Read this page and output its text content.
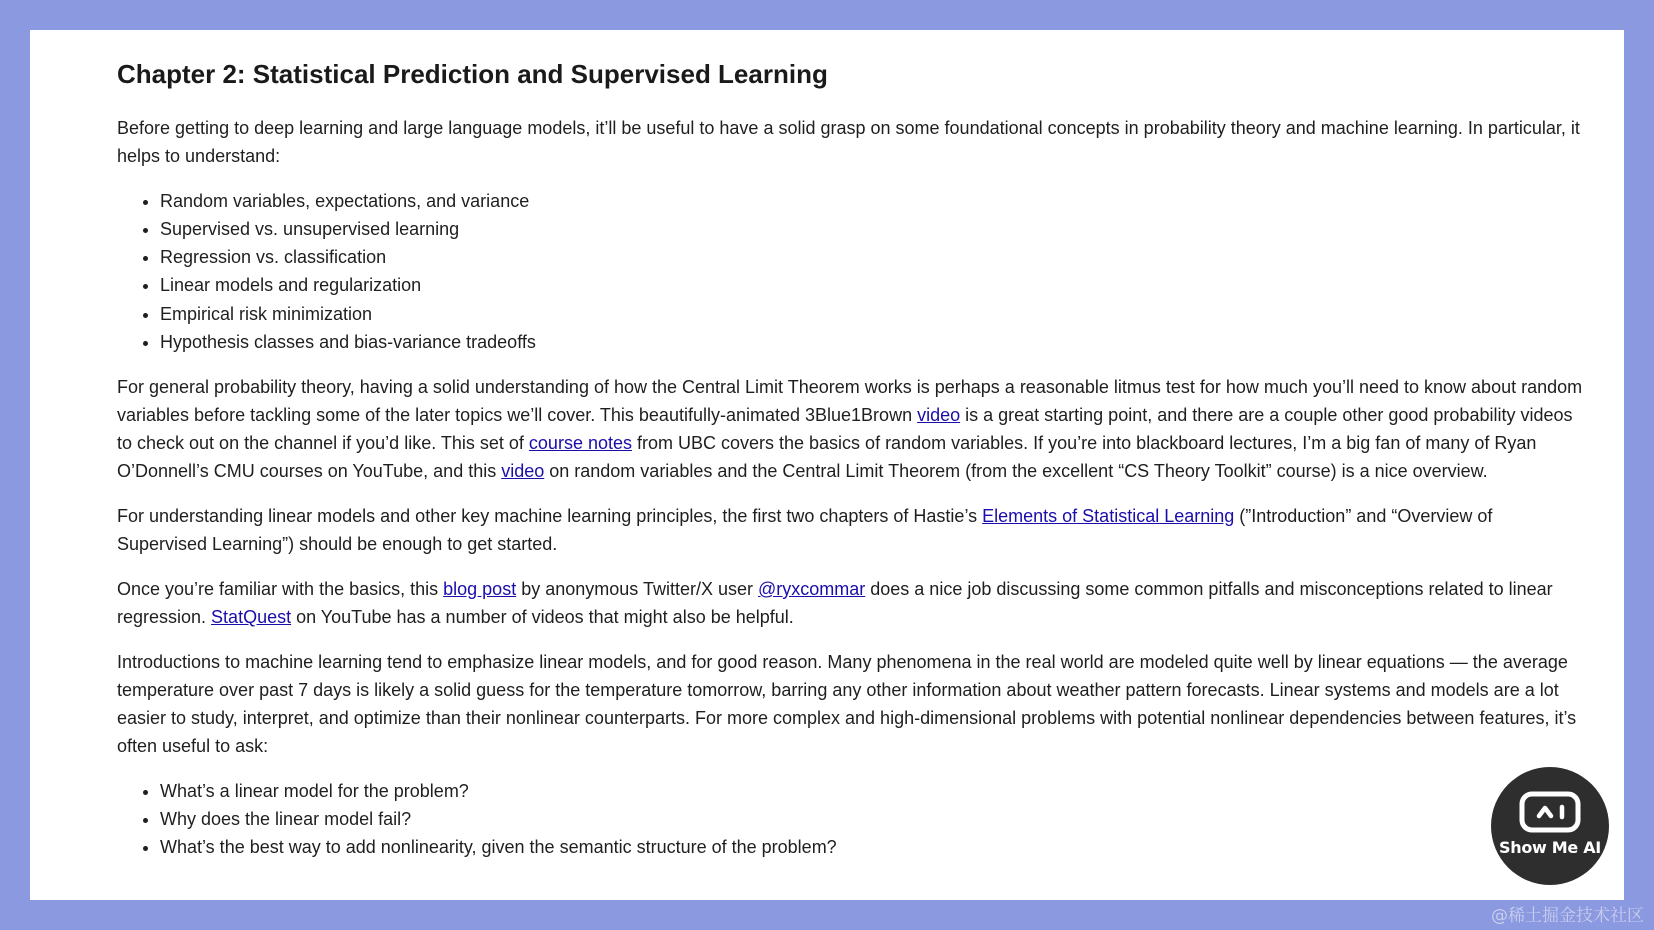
Chapter 2: Statistical Prediction and Supervised Learning

Before getting to deep learning and large language models, it’ll be useful to have a solid grasp on some foundational concepts in probability theory and machine learning. In particular, it helps to understand:

• Random variables, expectations, and variance
• Supervised vs. unsupervised learning
• Regression vs. classification
• Linear models and regularization
• Empirical risk minimization
• Hypothesis classes and bias-variance tradeoffs

For general probability theory, having a solid understanding of how the Central Limit Theorem works is perhaps a reasonable litmus test for how much you’ll need to know about random variables before tackling some of the later topics we’ll cover. This beautifully-animated 3Blue1Brown video is a great starting point, and there are a couple other good probability videos to check out on the channel if you’d like. This set of course notes from UBC covers the basics of random variables. If you’re into blackboard lectures, I’m a big fan of many of Ryan O’Donnell’s CMU courses on YouTube, and this video on random variables and the Central Limit Theorem (from the excellent “CS Theory Toolkit” course) is a nice overview.

For understanding linear models and other key machine learning principles, the first two chapters of Hastie’s Elements of Statistical Learning (”Introduction” and “Overview of Supervised Learning”) should be enough to get started.

Once you’re familiar with the basics, this blog post by anonymous Twitter/X user @ryxcommar does a nice job discussing some common pitfalls and misconceptions related to linear regression. StatQuest on YouTube has a number of videos that might also be helpful.

Introductions to machine learning tend to emphasize linear models, and for good reason. Many phenomena in the real world are modeled quite well by linear equations — the average temperature over past 7 days is likely a solid guess for the temperature tomorrow, barring any other information about weather pattern forecasts. Linear systems and models are a lot easier to study, interpret, and optimize than their nonlinear counterparts. For more complex and high-dimensional problems with potential nonlinear dependencies between features, it’s often useful to ask:

• What’s a linear model for the problem?
• Why does the linear model fail?
• What’s the best way to add nonlinearity, given the semantic structure of the problem?	Show Me AI
@稀土掘金技术社区
